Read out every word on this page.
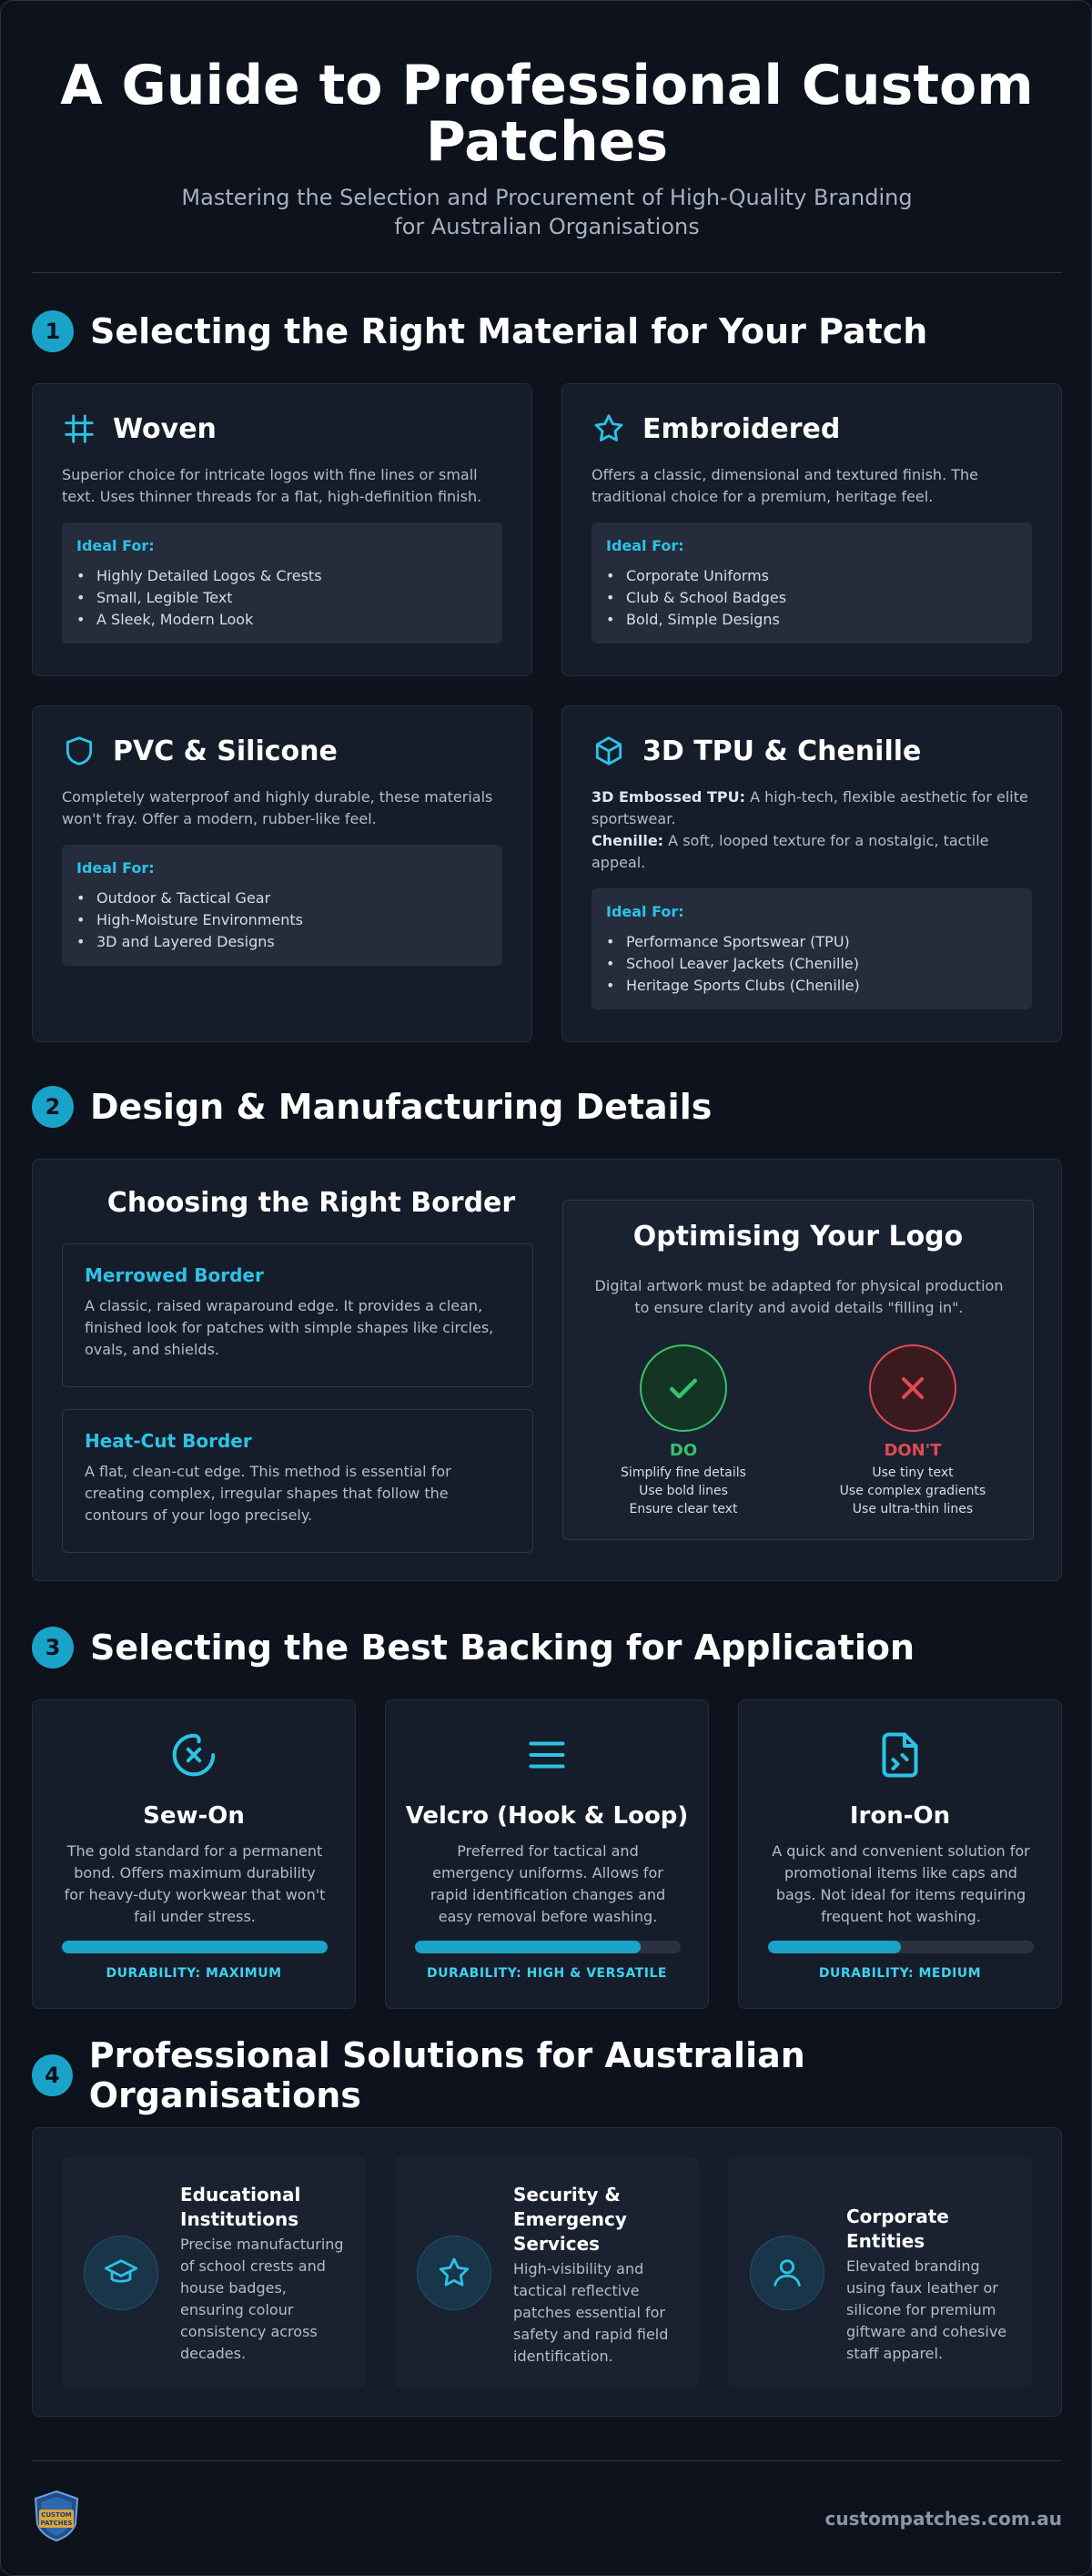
A Guide to Professional Custom Patches

Mastering the Selection and Procurement of High-Quality Branding for Australian Organisations

1 Selecting the Right Material for Your Patch
Woven

Superior choice for intricate logos with fine lines or small text. Uses thinner threads for a flat, high-definition finish.

Ideal For:
• Highly Detailed Logos & Crests
• Small, Legible Text
• A Sleek, Modern Look
Embroidered

Offers a classic, dimensional and textured finish. The traditional choice for a premium, heritage feel.

Ideal For:
• Corporate Uniforms
• Club & School Badges
• Bold, Simple Designs
PVC & Silicone

Completely waterproof and highly durable, these materials won't fray. Offer a modern, rubber-like feel.

Ideal For:
• Outdoor & Tactical Gear
• High-Moisture Environments
• 3D and Layered Designs
3D TPU & Chenille

3D Embossed TPU: A high-tech, flexible aesthetic for elite sportswear.
Chenille: A soft, looped texture for a nostalgic, tactile appeal.

Ideal For:
• Performance Sportswear (TPU)
• School Leaver Jackets (Chenille)
• Heritage Sports Clubs (Chenille)
2 Design & Manufacturing Details
Choosing the Right Border
Merrowed Border

A classic, raised wraparound edge. It provides a clean, finished look for patches with simple shapes like circles, ovals, and shields.

Heat-Cut Border

A flat, clean-cut edge. This method is essential for creating complex, irregular shapes that follow the contours of your logo precisely.

Optimising Your Logo
Digital artwork must be adapted for physical production to ensure clarity and avoid details "filling in".
DO
Simplify fine details
Use bold lines
Ensure clear text
DON'T
Use tiny text
Use complex gradients
Use ultra-thin lines
3 Selecting the Best Backing for Application
Sew-On
The gold standard for a permanent bond. Offers maximum durability for heavy-duty workwear that won't fail under stress.
DURABILITY: MAXIMUM
Velcro (Hook & Loop)
Preferred for tactical and emergency uniforms. Allows for rapid identification changes and easy removal before washing.
DURABILITY: HIGH & VERSATILE
Iron-On
A quick and convenient solution for promotional items like caps and bags. Not ideal for items requiring frequent hot washing.
DURABILITY: MEDIUM
4 Professional Solutions for Australian Organisations
Educational Institutions
Precise manufacturing of school crests and house badges, ensuring colour consistency across decades.
Security & Emergency Services
High-visibility and tactical reflective patches essential for safety and rapid field identification.
Corporate Entities
Elevated branding using faux leather or silicone for premium giftware and cohesive staff apparel.
CUSTOM
PATCHES	custompatches.com.au
